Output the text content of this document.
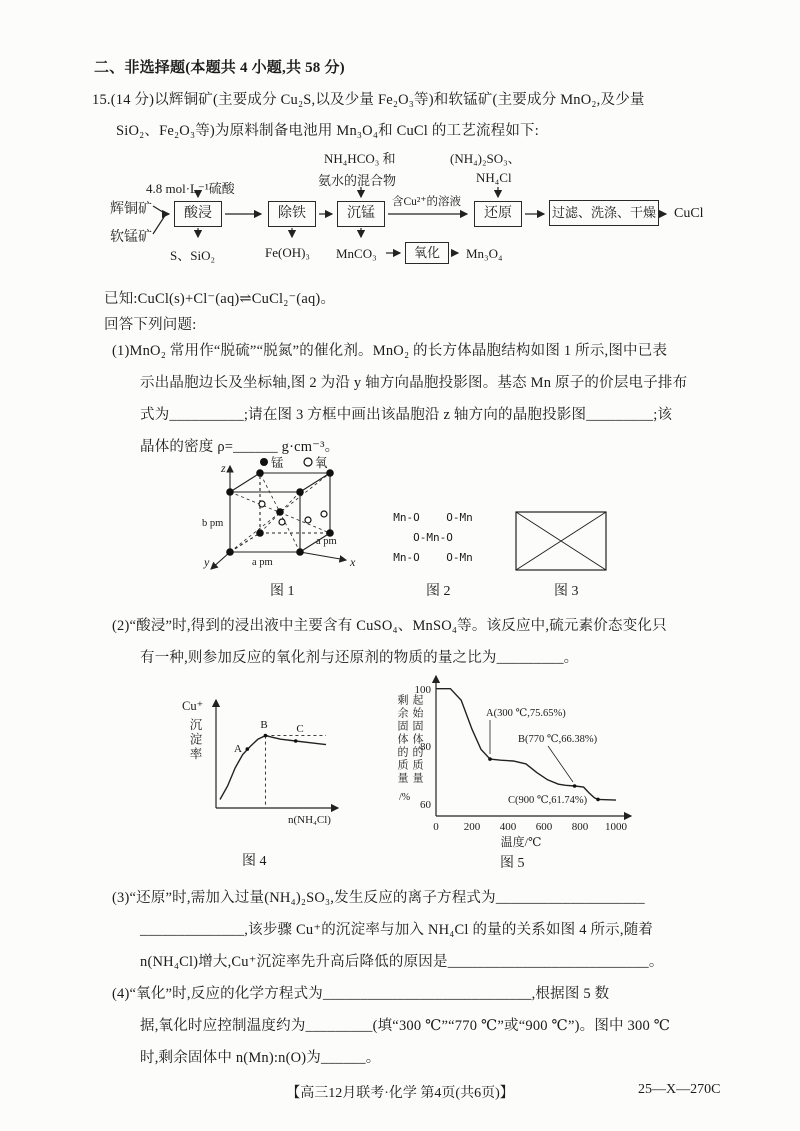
二、非选择题(本题共 4 小题,共 58 分)
15.(14 分)以辉铜矿(主要成分 Cu₂S,以及少量 Fe₂O₃等)和软锰矿(主要成分 MnO₂,及少量
SiO₂、Fe₂O₃等)为原料制备电池用 Mn₃O₄和 CuCl 的工艺流程如下:
NH₄HCO₃ 和
氨水的混合物
(NH₄)₂SO₃、
NH₄Cl
4.8 mol·L⁻¹硫酸
辉铜矿
软锰矿
酸浸	除铁	沉锰
含Cu²⁺的溶液
还原	过滤、洗涤、干燥 CuCl
S、SiO₂	Fe(OH)₃ MnCO₃	氧化	Mn₃O₄
已知:CuCl(s)+Cl⁻(aq)⇌CuCl₂⁻(aq)。
回答下列问题:
(1)MnO₂ 常用作“脱硫”“脱氮”的催化剂。MnO₂ 的长方体晶胞结构如图 1 所示,图中已表
示出晶胞边长及坐标轴,图 2 为沿 y 轴方向晶胞投影图。基态 Mn 原子的价层电子排布
式为__________;请在图 3 方框中画出该晶胞沿 z 轴方向的晶胞投影图_________;该
晶体的密度 ρ=______ g·cm⁻³。
锰	氧
z
y	x
b pm
a pm
a pm
Mn-O    O-Mn
O-Mn-O
Mn-O    O-Mn
图 1	图 2	图 3
(2)“酸浸”时,得到的浸出液中主要含有 CuSO₄、MnSO₄等。该反应中,硫元素价态变化只
有一种,则参加反应的氧化剂与还原剂的物质的量之比为_________。
A
B	C
n(NH₄Cl)
Cu⁺
沉淀率
图 4
100
80
60
0 200 400 600 800 1000
A(300 ℃,75.65%)
B(770 ℃,66.38%)
C(900 ℃,61.74%)
温度/℃
剩余固体的质量 起始固体的质量
/%
图 5
(3)“还原”时,需加入过量(NH₄)₂SO₃,发生反应的离子方程式为____________________
______________,该步骤 Cu⁺的沉淀率与加入 NH₄Cl 的量的关系如图 4 所示,随着
n(NH₄Cl)增大,Cu⁺沉淀率先升高后降低的原因是___________________________。
(4)“氧化”时,反应的化学方程式为____________________________,根据图 5 数
据,氧化时应控制温度约为_________(填“300 ℃”“770 ℃”或“900 ℃”)。图中 300 ℃
时,剩余固体中 n(Mn):n(O)为______。
【高三12月联考·化学 第4页(共6页)】	25—X—270C
